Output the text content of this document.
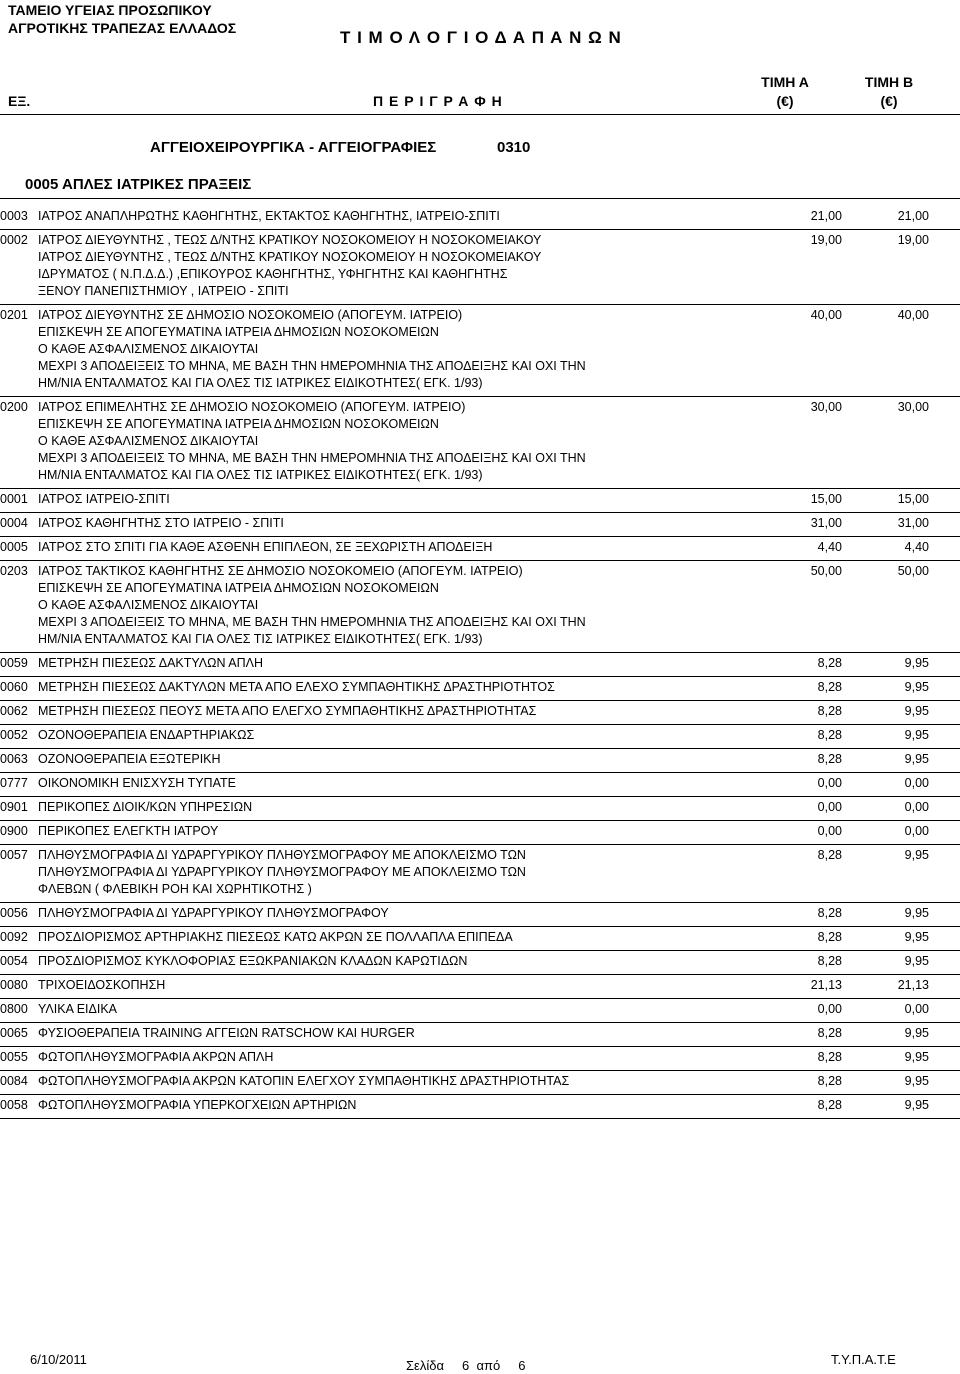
ΤΑΜΕΙΟ ΥΓΕΙΑΣ ΠΡΟΣΩΠΙΚΟΥ
ΑΓΡΟΤΙΚΗΣ ΤΡΑΠΕΖΑΣ ΕΛΛΑΔΟΣ	Τ Ι Μ Ο Λ Ο Γ Ι Ο Δ Α Π Α Ν Ω Ν
ΕΞ.	Π Ε Ρ Ι Γ Ρ Α Φ Η
ΤΙΜΗ Α
(€)
ΤΙΜΗ Β
(€)
ΑΓΓΕΙΟΧΕΙΡΟΥΡΓΙΚΑ - ΑΓΓΕΙΟΓΡΑΦΙΕΣ	0310
0005 ΑΠΛΕΣ ΙΑΤΡΙΚΕΣ ΠΡΑΞΕΙΣ
0003 ΙΑΤΡΟΣ ΑΝΑΠΛΗΡΩΤΗΣ ΚΑΘΗΓΗΤΗΣ, ΕΚΤΑΚΤΟΣ ΚΑΘΗΓΗΤΗΣ, ΙΑΤΡΕΙΟ-ΣΠΙΤΙ	21,00	21,00
0002 ΙΑΤΡΟΣ ΔΙΕΥΘΥΝΤΗΣ , ΤΕΩΣ Δ/ΝΤΗΣ ΚΡΑΤΙΚΟΥ ΝΟΣΟΚΟΜΕΙΟΥ Η ΝΟΣΟΚΟΜΕΙΑΚΟΥ
ΙΑΤΡΟΣ ΔΙΕΥΘΥΝΤΗΣ , ΤΕΩΣ Δ/ΝΤΗΣ ΚΡΑΤΙΚΟΥ ΝΟΣΟΚΟΜΕΙΟΥ Η ΝΟΣΟΚΟΜΕΙΑΚΟΥ
ΙΔΡΥΜΑΤΟΣ ( Ν.Π.Δ.Δ.) ,ΕΠΙΚΟΥΡΟΣ ΚΑΘΗΓΗΤΗΣ, ΥΦΗΓΗΤΗΣ ΚΑΙ ΚΑΘΗΓΗΤΗΣ
ΞΕΝΟΥ ΠΑΝΕΠΙΣΤΗΜΙΟΥ , ΙΑΤΡΕΙΟ - ΣΠΙΤΙ
19,00	19,00
0201 ΙΑΤΡΟΣ ΔΙΕΥΘΥΝΤΗΣ ΣΕ ΔΗΜΟΣΙΟ ΝΟΣΟΚΟΜΕΙΟ (ΑΠΟΓΕΥΜ. ΙΑΤΡΕΙΟ)
ΕΠΙΣΚΕΨΗ ΣΕ ΑΠΟΓΕΥΜΑΤΙΝΑ ΙΑΤΡΕΙΑ ΔΗΜΟΣΙΩΝ ΝΟΣΟΚΟΜΕΙΩΝ
Ο ΚΑΘΕ ΑΣΦΑΛΙΣΜΕΝΟΣ ΔΙΚΑΙΟΥΤΑΙ
ΜΕΧΡΙ 3 ΑΠΟΔΕΙΞΕΙΣ ΤΟ ΜΗΝΑ, ΜΕ ΒΑΣΗ ΤΗΝ ΗΜΕΡΟΜΗΝΙΑ ΤΗΣ ΑΠΟΔΕΙΞΗΣ ΚΑΙ ΟΧΙ ΤΗΝ
ΗΜ/ΝΙΑ ΕΝΤΑΛΜΑΤΟΣ ΚΑΙ ΓΙΑ ΟΛΕΣ ΤΙΣ ΙΑΤΡΙΚΕΣ ΕΙΔΙΚΟΤΗΤΕΣ( ΕΓΚ. 1/93)
40,00	40,00
0200 ΙΑΤΡΟΣ ΕΠΙΜΕΛΗΤΗΣ ΣΕ ΔΗΜΟΣΙΟ ΝΟΣΟΚΟΜΕΙΟ (ΑΠΟΓΕΥΜ. ΙΑΤΡΕΙΟ)
ΕΠΙΣΚΕΨΗ ΣΕ ΑΠΟΓΕΥΜΑΤΙΝΑ ΙΑΤΡΕΙΑ ΔΗΜΟΣΙΩΝ ΝΟΣΟΚΟΜΕΙΩΝ
Ο ΚΑΘΕ ΑΣΦΑΛΙΣΜΕΝΟΣ ΔΙΚΑΙΟΥΤΑΙ
ΜΕΧΡΙ 3 ΑΠΟΔΕΙΞΕΙΣ ΤΟ ΜΗΝΑ, ΜΕ ΒΑΣΗ ΤΗΝ ΗΜΕΡΟΜΗΝΙΑ ΤΗΣ ΑΠΟΔΕΙΞΗΣ ΚΑΙ ΟΧΙ ΤΗΝ
ΗΜ/ΝΙΑ ΕΝΤΑΛΜΑΤΟΣ ΚΑΙ ΓΙΑ ΟΛΕΣ ΤΙΣ ΙΑΤΡΙΚΕΣ ΕΙΔΙΚΟΤΗΤΕΣ( ΕΓΚ. 1/93)
30,00	30,00
0001 ΙΑΤΡΟΣ ΙΑΤΡΕΙΟ-ΣΠΙΤΙ	15,00	15,00
0004 ΙΑΤΡΟΣ ΚΑΘΗΓΗΤΗΣ ΣΤΟ ΙΑΤΡΕΙΟ - ΣΠΙΤΙ	31,00	31,00
0005 ΙΑΤΡΟΣ ΣΤΟ ΣΠΙΤΙ ΓΙΑ ΚΑΘΕ ΑΣΘΕΝΗ ΕΠΙΠΛΕΟΝ, ΣΕ ΞΕΧΩΡΙΣΤΗ ΑΠΟΔΕΙΞΗ	4,40	4,40
0203 ΙΑΤΡΟΣ ΤΑΚΤΙΚΟΣ ΚΑΘΗΓΗΤΗΣ ΣΕ ΔΗΜΟΣΙΟ ΝΟΣΟΚΟΜΕΙΟ (ΑΠΟΓΕΥΜ. ΙΑΤΡΕΙΟ)
ΕΠΙΣΚΕΨΗ ΣΕ ΑΠΟΓΕΥΜΑΤΙΝΑ ΙΑΤΡΕΙΑ ΔΗΜΟΣΙΩΝ ΝΟΣΟΚΟΜΕΙΩΝ
Ο ΚΑΘΕ ΑΣΦΑΛΙΣΜΕΝΟΣ ΔΙΚΑΙΟΥΤΑΙ
ΜΕΧΡΙ 3 ΑΠΟΔΕΙΞΕΙΣ ΤΟ ΜΗΝΑ, ΜΕ ΒΑΣΗ ΤΗΝ ΗΜΕΡΟΜΗΝΙΑ ΤΗΣ ΑΠΟΔΕΙΞΗΣ ΚΑΙ ΟΧΙ ΤΗΝ
ΗΜ/ΝΙΑ ΕΝΤΑΛΜΑΤΟΣ ΚΑΙ ΓΙΑ ΟΛΕΣ ΤΙΣ ΙΑΤΡΙΚΕΣ ΕΙΔΙΚΟΤΗΤΕΣ( ΕΓΚ. 1/93)
50,00	50,00
0059 ΜΕΤΡΗΣΗ ΠΙΕΣΕΩΣ ΔΑΚΤΥΛΩΝ ΑΠΛΗ	8,28	9,95
0060 ΜΕΤΡΗΣΗ ΠΙΕΣΕΩΣ ΔΑΚΤΥΛΩΝ ΜΕΤΑ ΑΠΟ ΕΛΕΧΟ ΣΥΜΠΑΘΗΤΙΚΗΣ ΔΡΑΣΤΗΡΙΟΤΗΤΟΣ	8,28	9,95
0062 ΜΕΤΡΗΣΗ ΠΙΕΣΕΩΣ ΠΕΟΥΣ ΜΕΤΑ ΑΠΟ ΕΛΕΓΧΟ ΣΥΜΠΑΘΗΤΙΚΗΣ ΔΡΑΣΤΗΡΙΟΤΗΤΑΣ	8,28	9,95
0052 ΟΖΟΝΟΘΕΡΑΠΕΙΑ ΕΝΔΑΡΤΗΡΙΑΚΩΣ	8,28	9,95
0063 ΟΖΟΝΟΘΕΡΑΠΕΙΑ ΕΞΩΤΕΡΙΚΗ	8,28	9,95
0777 ΟΙΚΟΝΟΜΙΚΗ ΕΝΙΣΧΥΣΗ ΤΥΠΑΤΕ	0,00	0,00
0901 ΠΕΡΙΚΟΠΕΣ ΔΙΟΙΚ/ΚΩΝ ΥΠΗΡΕΣΙΩΝ	0,00	0,00
0900 ΠΕΡΙΚΟΠΕΣ ΕΛΕΓΚΤΗ ΙΑΤΡΟΥ	0,00	0,00
0057 ΠΛΗΘΥΣΜΟΓΡΑΦΙΑ ΔΙ ΥΔΡΑΡΓΥΡΙΚΟΥ ΠΛΗΘΥΣΜΟΓΡΑΦΟΥ ΜΕ ΑΠΟΚΛΕΙΣΜΟ ΤΩΝ
ΠΛΗΘΥΣΜΟΓΡΑΦΙΑ ΔΙ ΥΔΡΑΡΓΥΡΙΚΟΥ ΠΛΗΘΥΣΜΟΓΡΑΦΟΥ ΜΕ ΑΠΟΚΛΕΙΣΜΟ ΤΩΝ
ΦΛΕΒΩΝ ( ΦΛΕΒΙΚΗ ΡΟΗ ΚΑΙ ΧΩΡΗΤΙΚΟΤΗΣ )
8,28	9,95
0056 ΠΛΗΘΥΣΜΟΓΡΑΦΙΑ ΔΙ ΥΔΡΑΡΓΥΡΙΚΟΥ ΠΛΗΘΥΣΜΟΓΡΑΦΟΥ	8,28	9,95
0092 ΠΡΟΣΔΙΟΡΙΣΜΟΣ ΑΡΤΗΡΙΑΚΗΣ ΠΙΕΣΕΩΣ ΚΑΤΩ ΑΚΡΩΝ ΣΕ ΠΟΛΛΑΠΛΑ ΕΠΙΠΕΔΑ	8,28	9,95
0054 ΠΡΟΣΔΙΟΡΙΣΜΟΣ ΚΥΚΛΟΦΟΡΙΑΣ ΕΞΩΚΡΑΝΙΑΚΩΝ ΚΛΑΔΩΝ ΚΑΡΩΤΙΔΩΝ	8,28	9,95
0080 ΤΡΙΧΟΕΙΔΟΣΚΟΠΗΣΗ	21,13	21,13
0800 ΥΛΙΚΑ ΕΙΔΙΚΑ	0,00	0,00
0065 ΦΥΣΙΟΘΕΡΑΠΕΙΑ TRAINING ΑΓΓΕΙΩΝ RATSCHOW ΚΑΙ HURGER	8,28	9,95
0055 ΦΩΤΟΠΛΗΘΥΣΜΟΓΡΑΦΙΑ ΑΚΡΩΝ ΑΠΛΗ	8,28	9,95
0084 ΦΩΤΟΠΛΗΘΥΣΜΟΓΡΑΦΙΑ ΑΚΡΩΝ ΚΑΤΟΠΙΝ ΕΛΕΓΧΟΥ ΣΥΜΠΑΘΗΤΙΚΗΣ ΔΡΑΣΤΗΡΙΟΤΗΤΑΣ	8,28	9,95
0058 ΦΩΤΟΠΛΗΘΥΣΜΟΓΡΑΦΙΑ ΥΠΕΡΚΟΓΧΕΙΩΝ ΑΡΤΗΡΙΩΝ	8,28	9,95
6/10/2011	Σελίδα     6  από     6	Τ.Υ.Π.Α.Τ.Ε
